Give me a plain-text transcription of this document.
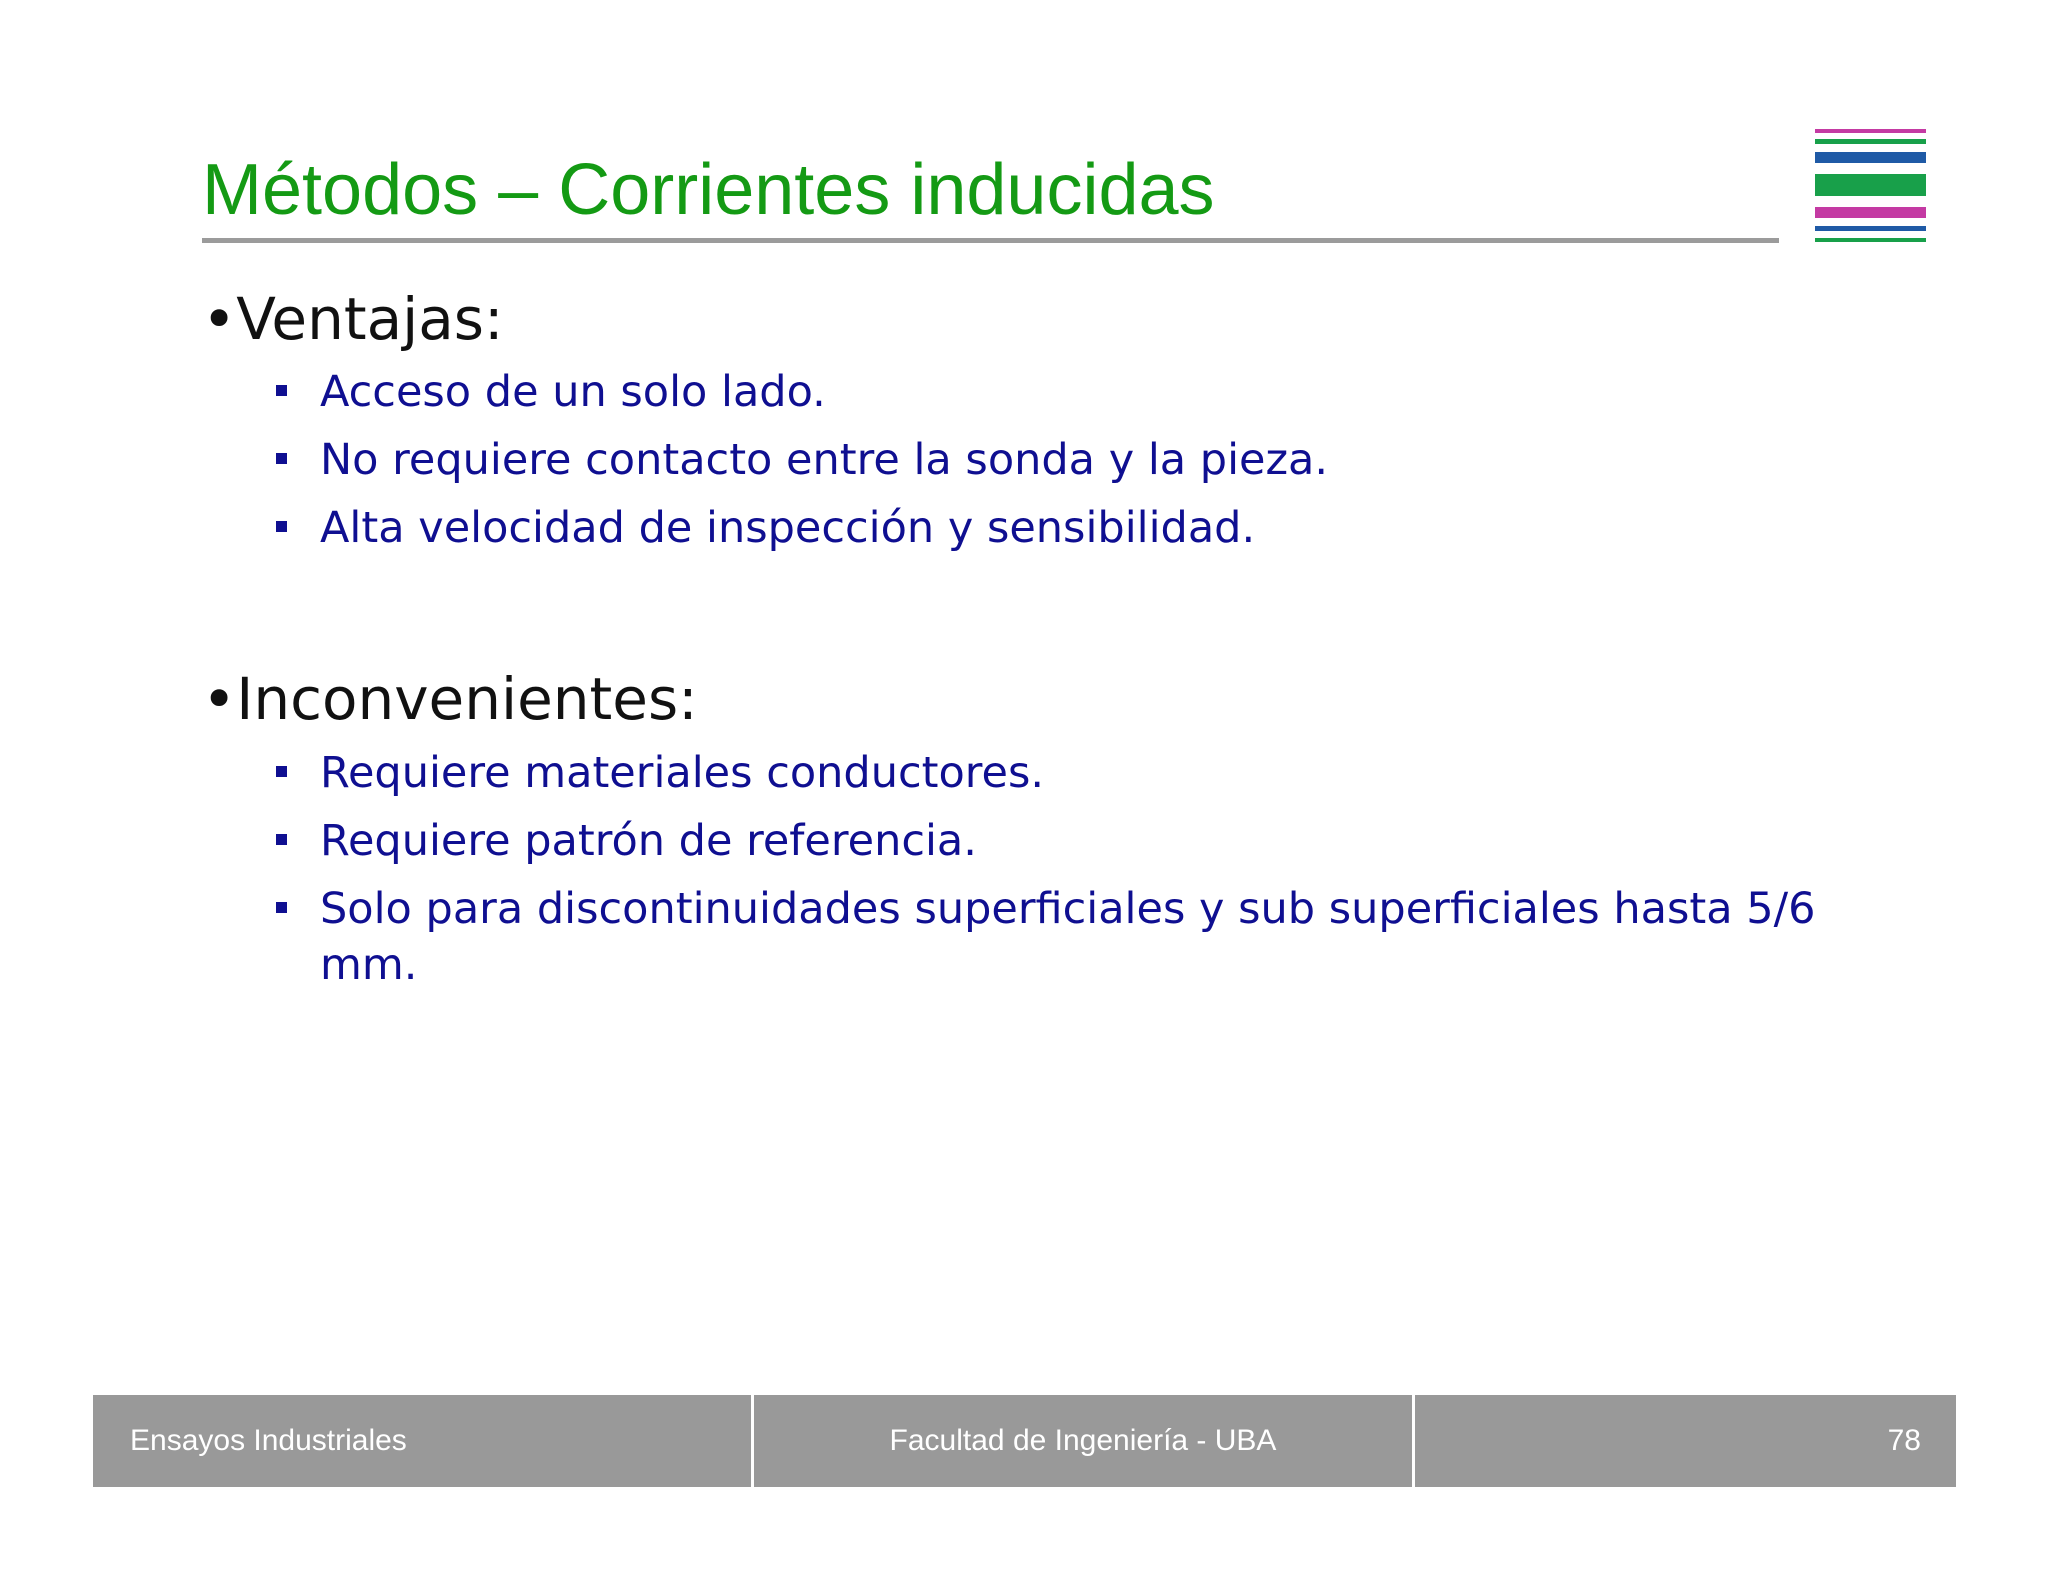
Métodos – Corrientes inducidas
•Ventajas:
Acceso de un solo lado.
No requiere contacto entre la sonda y la pieza.
Alta velocidad de inspección y sensibilidad.
•Inconvenientes:
Requiere materiales conductores.
Requiere patrón de referencia.
Solo para discontinuidades superficiales y sub superficiales hasta 5/6 mm.
Ensayos Industriales	Facultad de Ingeniería - UBA	78
